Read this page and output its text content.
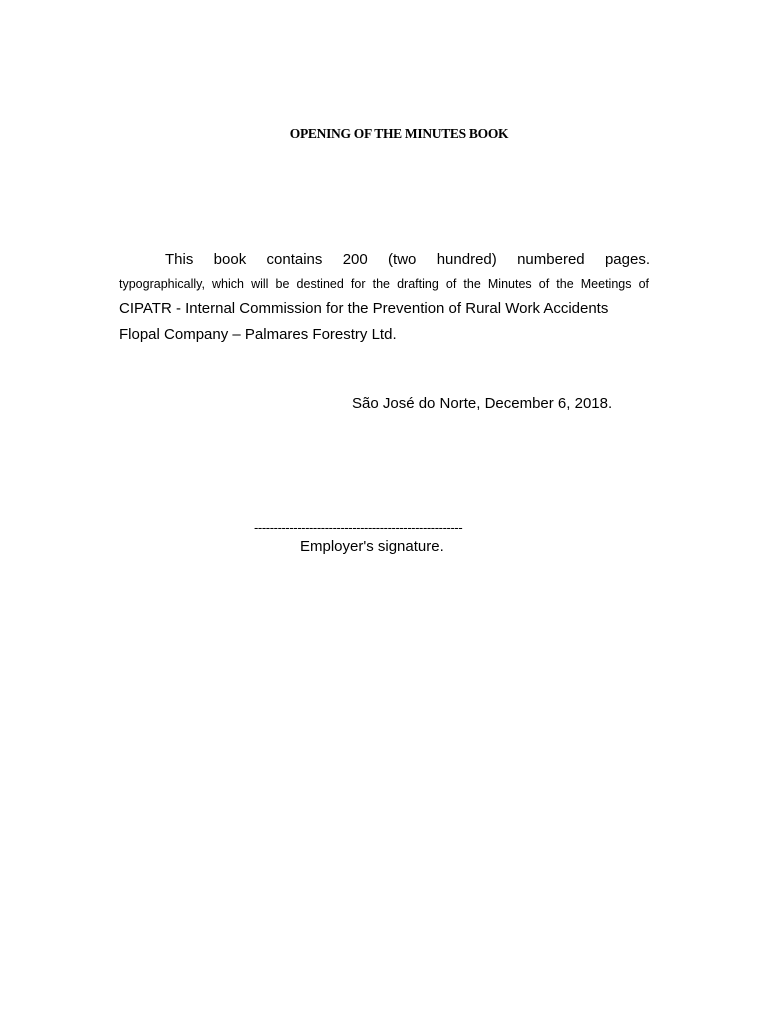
OPENING OF THE MINUTES BOOK

This book contains 200 (two hundred) numbered pages.

typographically, which will be destined for the drafting of the Minutes of the Meetings of

CIPATR - Internal Commission for the Prevention of Rural Work Accidents

Flopal Company – Palmares Forestry Ltd.

São José do Norte, December 6, 2018.

-----------------------------------------------------

Employer's signature.
